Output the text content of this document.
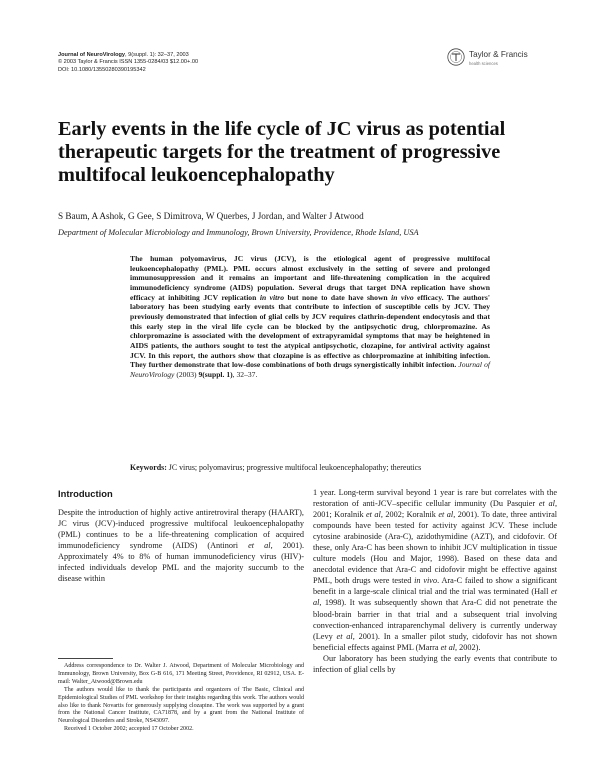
Journal of NeuroVirology, 9(suppl. 1): 32–37, 2003
© 2003 Taylor & Francis ISSN 1355-0284/03 $12.00+.00
DOI: 10.1080/13550280390195342
Taylor & Francis
health sciences
Early events in the life cycle of JC virus as potential therapeutic targets for the treatment of progressive multifocal leukoencephalopathy
S Baum, A Ashok, G Gee, S Dimitrova, W Querbes, J Jordan, and Walter J Atwood
Department of Molecular Microbiology and Immunology, Brown University, Providence, Rhode Island, USA
The human polyomavirus, JC virus (JCV), is the etiological agent of progressive multifocal leukoencephalopathy (PML). PML occurs almost exclusively in the setting of severe and prolonged immunosuppression and it remains an important and life-threatening complication in the acquired immunodeficiency syndrome (AIDS) population. Several drugs that target DNA replication have shown efficacy at inhibiting JCV replication in vitro but none to date have shown in vivo efficacy. The authors' laboratory has been studying early events that contribute to infection of susceptible cells by JCV. They previously demonstrated that infection of glial cells by JCV requires clathrin-dependent endocytosis and that this early step in the viral life cycle can be blocked by the antipsychotic drug, chlorpromazine. As chlorpromazine is associated with the development of extrapyramidal symptoms that may be heightened in AIDS patients, the authors sought to test the atypical antipsychotic, clozapine, for antiviral activity against JCV. In this report, the authors show that clozapine is as effective as chlorpromazine at inhibiting infection. They further demonstrate that low-dose combinations of both drugs synergistically inhibit infection. Journal of NeuroVirology (2003) 9(suppl. 1), 32–37.
Keywords: JC virus; polyomavirus; progressive multifocal leukoencephalopathy; thereutics
Introduction

Despite the introduction of highly active antiretroviral therapy (HAART), JC virus (JCV)-induced progressive multifocal leukoencephalopathy (PML) continues to be a life-threatening complication of acquired immunodeficiency syndrome (AIDS) (Antinori et al, 2001). Approximately 4% to 8% of human immunodeficiency virus (HIV)-infected individuals develop PML and the majority succumb to the disease within

1 year. Long-term survival beyond 1 year is rare but correlates with the restoration of anti-JCV–specific cellular immunity (Du Pasquier et al, 2001; Koralnik et al, 2002; Koralnik et al, 2001). To date, three antiviral compounds have been tested for activity against JCV. These include cytosine arabinoside (Ara-C), azidothymidine (AZT), and cidofovir. Of these, only Ara-C has been shown to inhibit JCV multiplication in tissue culture models (Hou and Major, 1998). Based on these data and anecdotal evidence that Ara-C and cidofovir might be effective against PML, both drugs were tested in vivo. Ara-C failed to show a significant benefit in a large-scale clinical trial and the trial was terminated (Hall et al, 1998). It was subsequently shown that Ara-C did not penetrate the blood-brain barrier in that trial and a subsequent trial involving convection-enhanced intraparenchymal delivery is currently underway (Levy et al, 2001). In a smaller pilot study, cidofovir has not shown beneficial effects against PML (Marra et al, 2002).

Our laboratory has been studying the early events that contribute to infection of glial cells by

Address correspondence to Dr. Walter J. Atwood, Department of Molecular Microbiology and Immunology, Brown University, Box G-B 616, 171 Meeting Street, Providence, RI 02912, USA. E-mail: Walter_Atwood@Brown.edu

The authors would like to thank the participants and organizers of The Basic, Clinical and Epidemiological Studies of PML workshop for their insights regarding this work. The authors would also like to thank Novartis for generously supplying clozapine. The work was supported by a grant from the National Cancer Institute, CA71878, and by a grant from the National Institute of Neurological Disorders and Stroke, NS43097.

Received 1 October 2002; accepted 17 October 2002.
